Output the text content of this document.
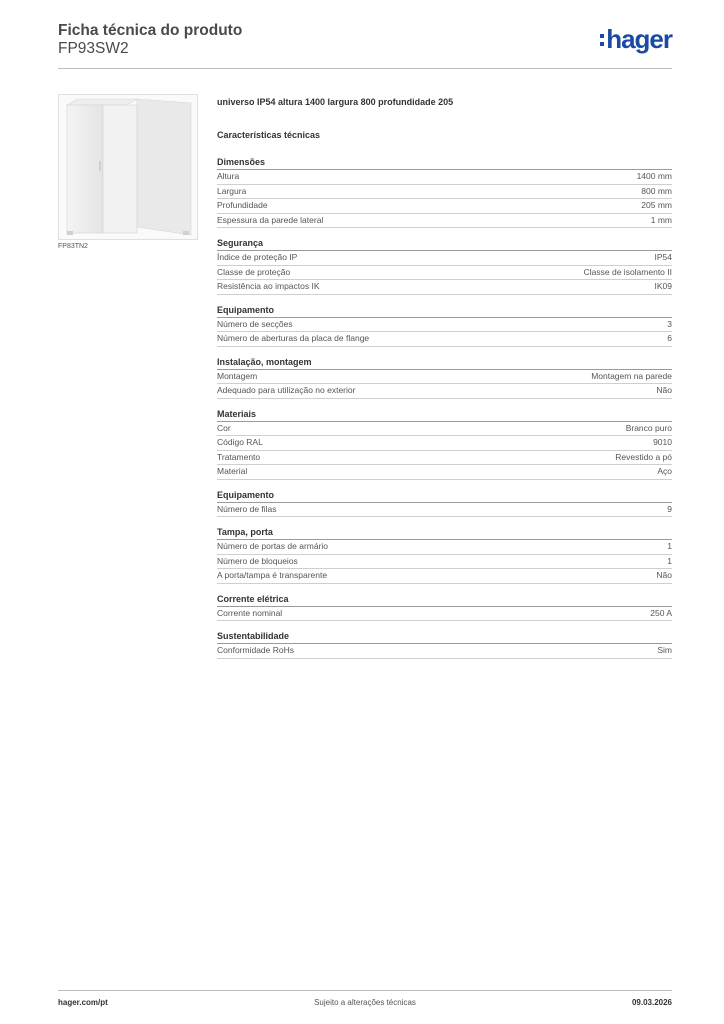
Ficha técnica do produto
FP93SW2	hager
FP83TN2
universo IP54 altura 1400 largura 800 profundidade 205
Características técnicas
Dimensões
Altura	1400 mm
Largura	800 mm
Profundidade	205 mm
Espessura da parede lateral	1 mm
Segurança
Índice de proteção IP	IP54
Classe de proteção	Classe de isolamento II
Resistência ao impactos IK	IK09
Equipamento
Número de secções	3
Número de aberturas da placa de flange	6
Instalação, montagem
Montagem	Montagem na parede
Adequado para utilização no exterior	Não
Materiais
Cor	Branco puro
Código RAL	9010
Tratamento	Revestido a pó
Material	Aço
Equipamento
Número de filas	9
Tampa, porta
Número de portas de armário	1
Número de bloqueios	1
A porta/tampa é transparente	Não
Corrente elétrica
Corrente nominal	250 A
Sustentabilidade
Conformidade RoHs	Sim
hager.com/pt	Sujeito a alterações técnicas	09.03.2026
